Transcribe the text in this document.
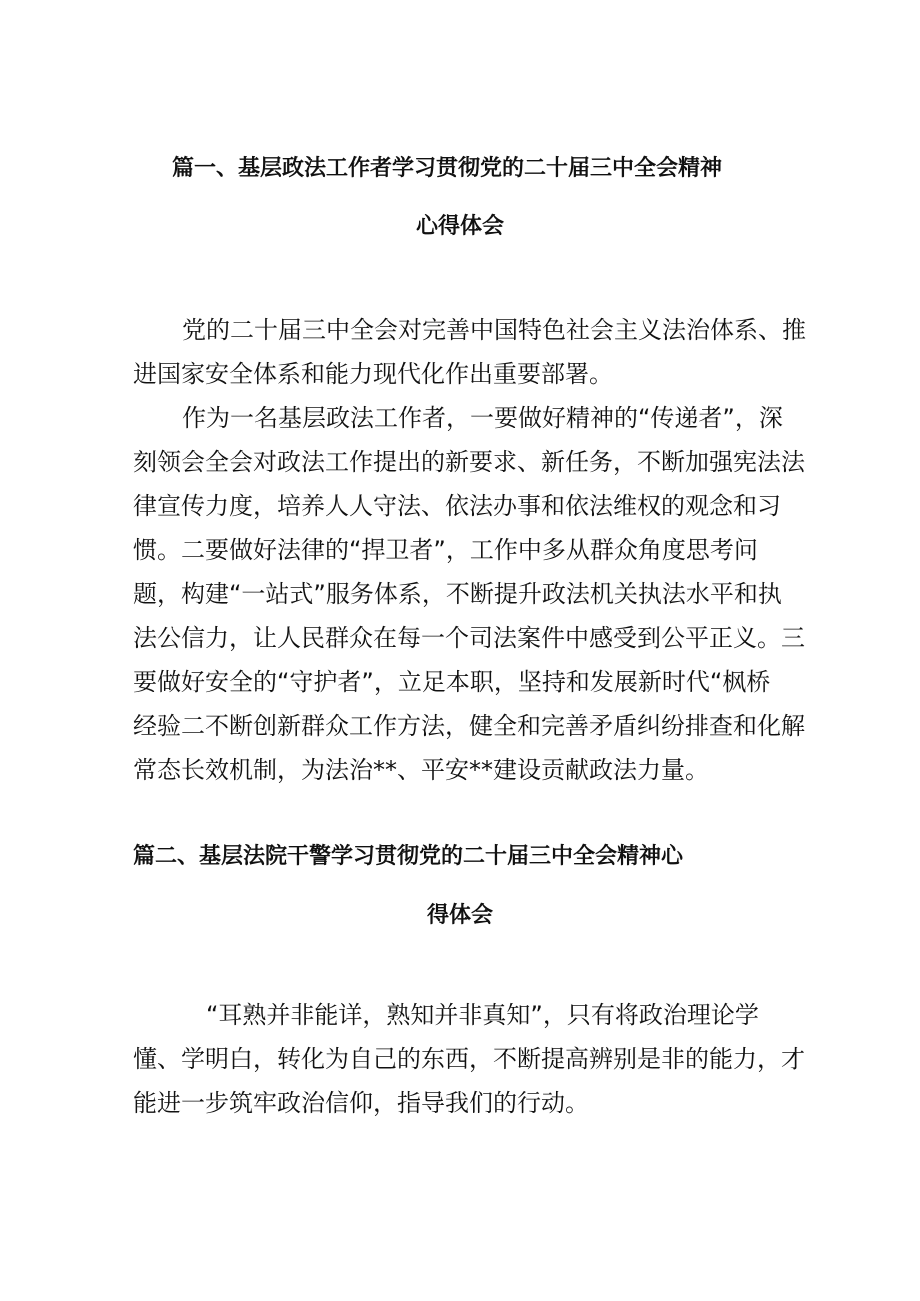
篇一、基层政法工作者学习贯彻党的二十届三中全会精神
心得体会
党的二十届三中全会对完善中国特色社会主义法治体系、推
进国家安全体系和能力现代化作出重要部署。
作为一名基层政法工作者，一要做好精神的“传递者”，深
刻领会全会对政法工作提出的新要求、新任务，不断加强宪法法
律宣传力度，培养人人守法、依法办事和依法维权的观念和习
惯。二要做好法律的“捍卫者”，工作中多从群众角度思考问
题，构建“一站式”服务体系，不断提升政法机关执法水平和执
法公信力，让人民群众在每一个司法案件中感受到公平正义。三
要做好安全的“守护者”，立足本职，坚持和发展新时代“枫桥
经验二不断创新群众工作方法，健全和完善矛盾纠纷排查和化解
常态长效机制，为法治**、平安**建设贡献政法力量。
篇二、基层法院干警学习贯彻党的二十届三中全会精神心
得体会
“耳熟并非能详，熟知并非真知”，只有将政治理论学
懂、学明白，转化为自己的东西，不断提高辨别是非的能力，才
能进一步筑牢政治信仰，指导我们的行动。
